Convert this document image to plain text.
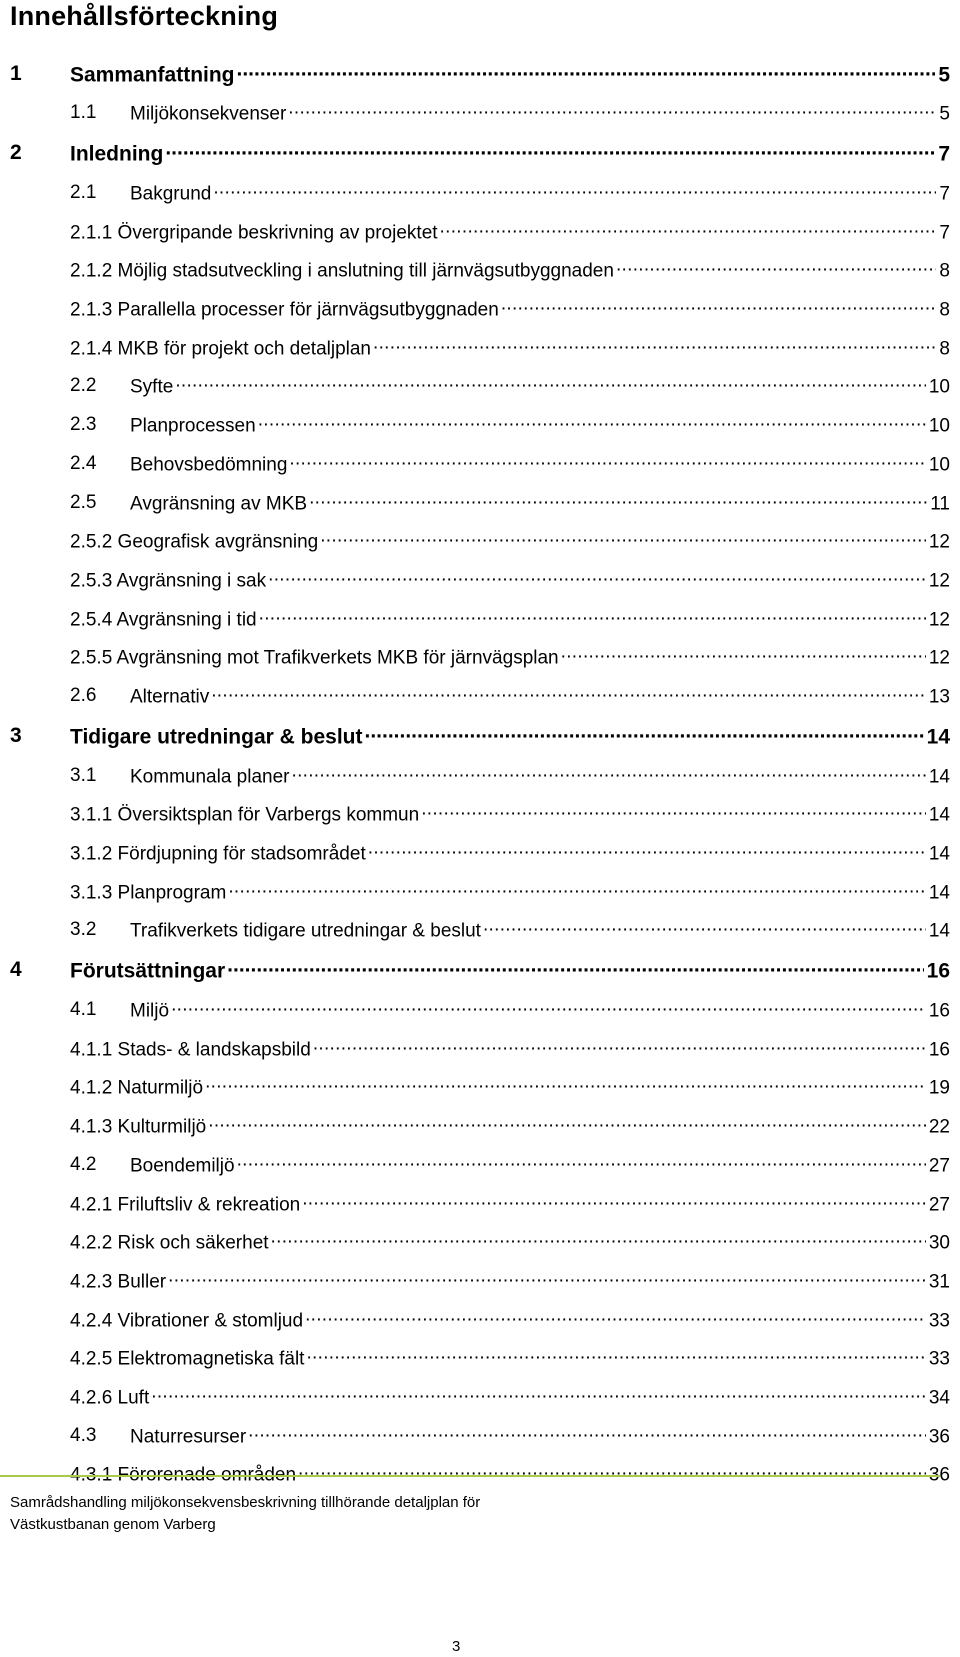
Innehållsförteckning
1 Sammanfattning .....	5
1.1 Miljökonsekvenser .....	5
2 Inledning .....	7
2.1 Bakgrund .....	7
2.1.1 Övergripande beskrivning av projektet .....	7
2.1.2 Möjlig stadsutveckling i anslutning till järnvägsutbyggnaden .....	8
2.1.3 Parallella processer för järnvägsutbyggnaden .....	8
2.1.4 MKB för projekt och detaljplan .....	8
2.2 Syfte .....	10
2.3 Planprocessen .....	10
2.4 Behovsbedömning .....	10
2.5 Avgränsning av MKB .....	11
2.5.2 Geografisk avgränsning .....	12
2.5.3 Avgränsning i sak .....	12
2.5.4 Avgränsning i tid .....	12
2.5.5 Avgränsning mot Trafikverkets MKB för järnvägsplan .....	12
2.6 Alternativ .....	13
3 Tidigare utredningar & beslut .....	14
3.1 Kommunala planer .....	14
3.1.1 Översiktsplan för Varbergs kommun .....	14
3.1.2 Fördjupning för stadsområdet .....	14
3.1.3 Planprogram .....	14
3.2 Trafikverkets tidigare utredningar & beslut .....	14
4 Förutsättningar .....	16
4.1 Miljö .....	16
4.1.1 Stads- & landskapsbild .....	16
4.1.2 Naturmiljö .....	19
4.1.3 Kulturmiljö .....	22
4.2 Boendemiljö .....	27
4.2.1 Friluftsliv & rekreation .....	27
4.2.2 Risk och säkerhet .....	30
4.2.3 Buller .....	31
4.2.4 Vibrationer & stomljud .....	33
4.2.5 Elektromagnetiska fält .....	33
4.2.6 Luft .....	34
4.3 Naturresurser .....	36
4.3.1 Förorenade områden .....	36
Samrådshandling miljökonsekvensbeskrivning tillhörande detaljplan för
Västkustbanan genom Varberg
3
